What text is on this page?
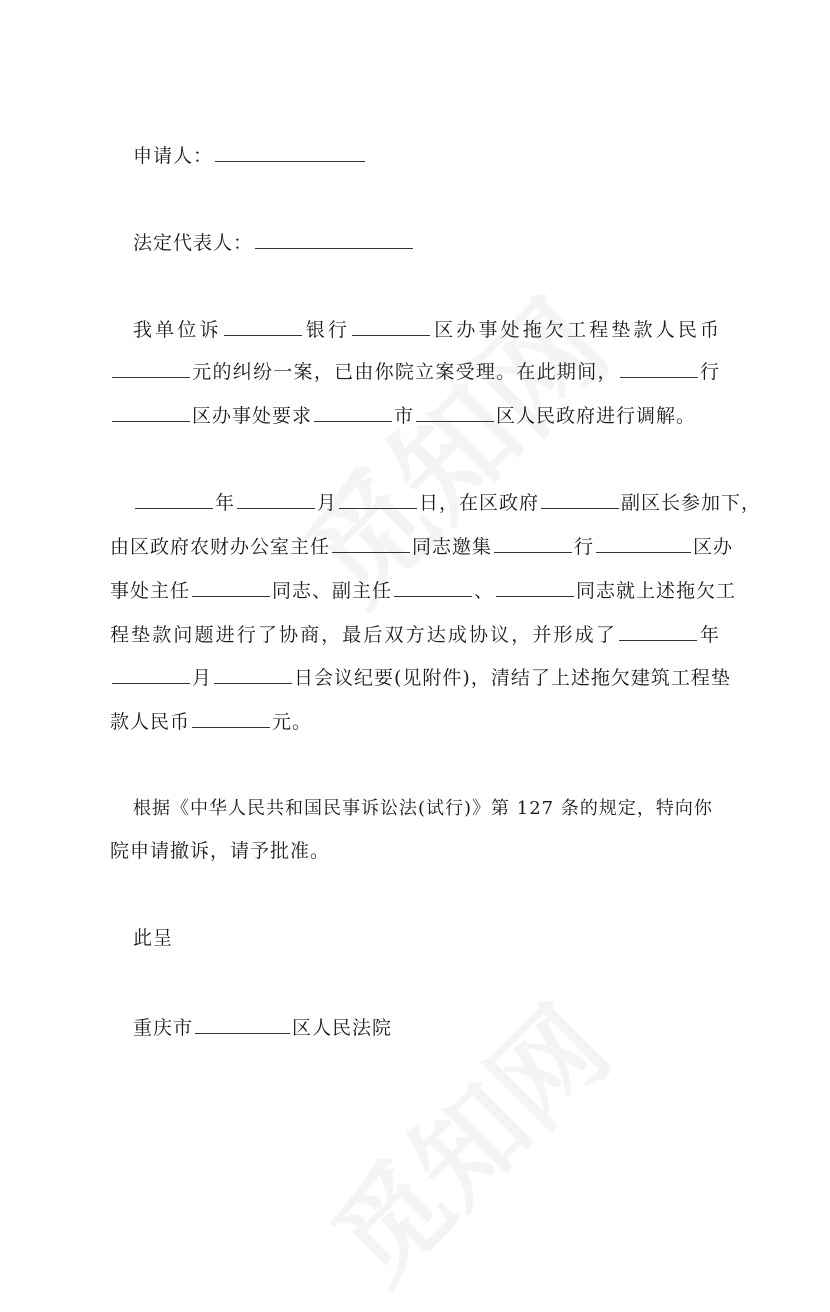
申请人：
法定代表人：
我单位诉	银行	区办事处拖欠工程垫款人民币
元的纠纷一案，已由你院立案受理。在此期间，	行
区办事处要求	市	区人民政府进行调解。
年	月	日，在区政府	副区长参加下，
由区政府农财办公室主任	同志邀集	行	区办
事处主任	同志、副主任	、	同志就上述拖欠工
程垫款问题进行了协商，最后双方达成协议，并形成了	年
月	日会议纪要(见附件)，清结了上述拖欠建筑工程垫
款人民币	元。
根据《中华人民共和国民事诉讼法(试行)》第 127 条的规定，特向你
院申请撤诉，请予批准。
此呈
重庆市	区人民法院
